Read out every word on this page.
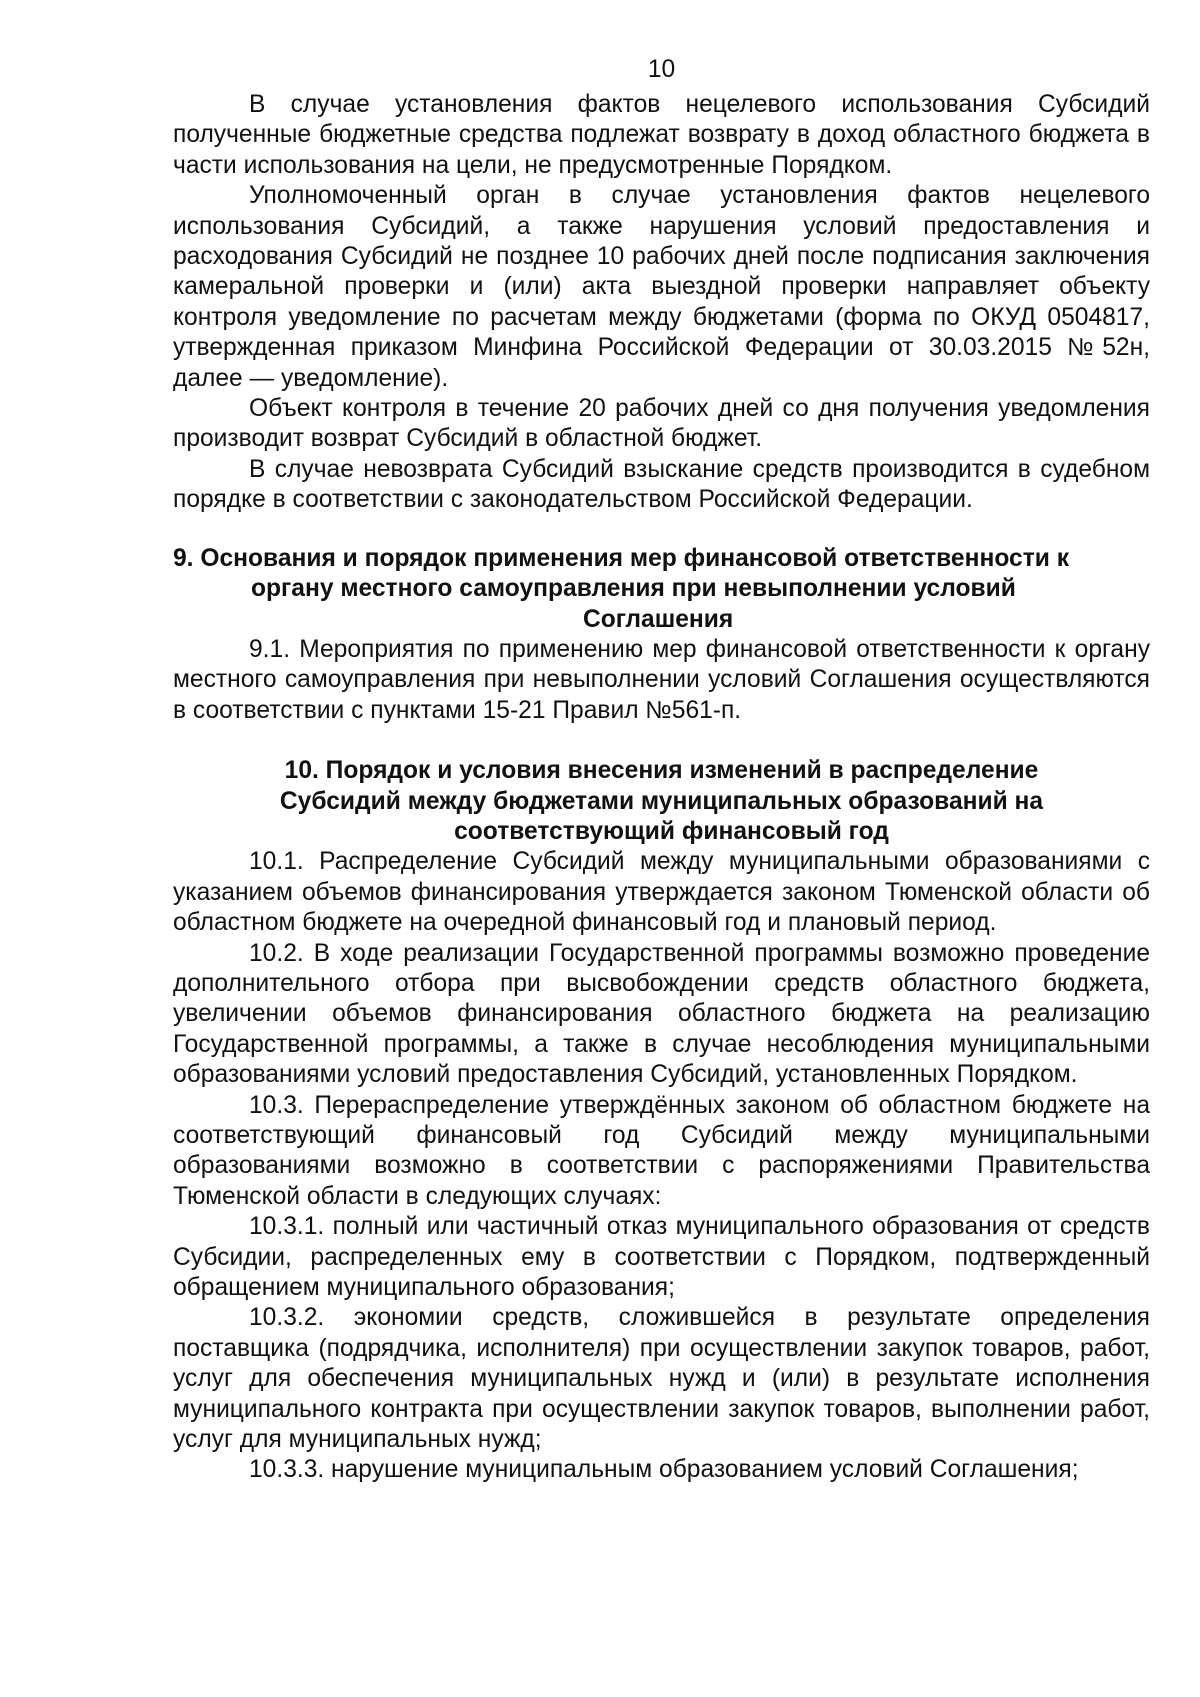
10

В случае установления фактов нецелевого использования Субсидий полученные бюджетные средства подлежат возврату в доход областного бюджета в части использования на цели, не предусмотренные Порядком.

Уполномоченный орган в случае установления фактов нецелевого использования Субсидий, а также нарушения условий предоставления и расходования Субсидий не позднее 10 рабочих дней после подписания заключения камеральной проверки и (или) акта выездной проверки направляет объекту контроля уведомление по расчетам между бюджетами (форма по ОКУД 0504817, утвержденная приказом Минфина Российской Федерации от 30.03.2015 №52н, далее — уведомление).

Объект контроля в течение 20 рабочих дней со дня получения уведомления производит возврат Субсидий в областной бюджет.

В случае невозврата Субсидий взыскание средств производится в судебном порядке в соответствии с законодательством Российской Федерации.

9. Основания и порядок применения мер финансовой ответственности к
органу местного самоуправления при невыполнении условий
Соглашения

9.1. Мероприятия по применению мер финансовой ответственности к органу местного самоуправления при невыполнении условий Соглашения осуществляются в соответствии с пунктами 15-21 Правил №561-п.

10. Порядок и условия внесения изменений в распределение
Субсидий между бюджетами муниципальных образований на
соответствующий финансовый год

10.1. Распределение Субсидий между муниципальными образованиями с указанием объемов финансирования утверждается законом Тюменской области об областном бюджете на очередной финансовый год и плановый период.

10.2. В ходе реализации Государственной программы возможно проведение дополнительного отбора при высвобождении средств областного бюджета, увеличении объемов финансирования областного бюджета на реализацию Государственной программы, а также в случае несоблюдения муниципальными образованиями условий предоставления Субсидий, установленных Порядком.

10.3. Перераспределение утверждённых законом об областном бюджете на соответствующий финансовый год Субсидий между муниципальными образованиями возможно в соответствии с распоряжениями Правительства Тюменской области в следующих случаях:

10.3.1. полный или частичный отказ муниципального образования от средств Субсидии, распределенных ему в соответствии с Порядком, подтвержденный обращением муниципального образования;

10.3.2. экономии средств, сложившейся в результате определения поставщика (подрядчика, исполнителя) при осуществлении закупок товаров, работ, услуг для обеспечения муниципальных нужд и (или) в результате исполнения муниципального контракта при осуществлении закупок товаров, выполнении работ, услуг для муниципальных нужд;

10.3.3. нарушение муниципальным образованием условий Соглашения;
